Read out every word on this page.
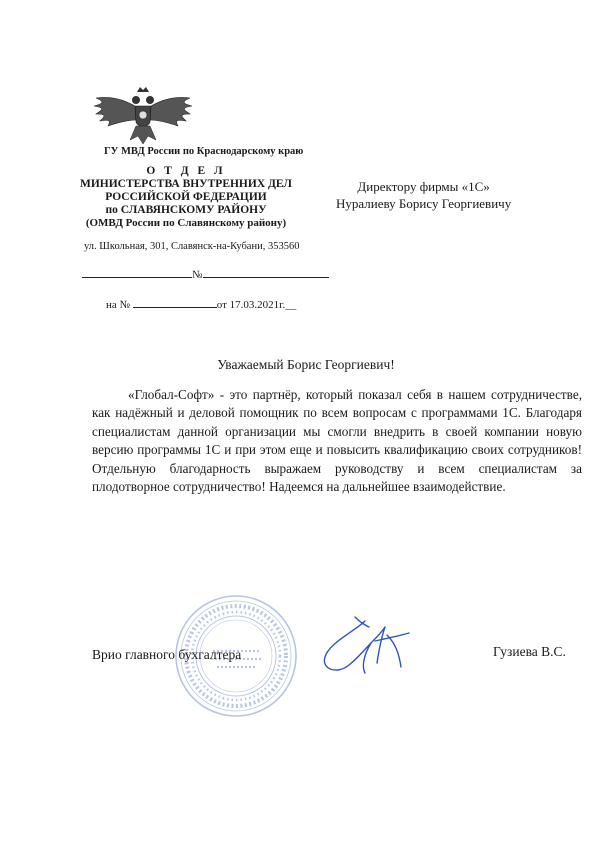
ГУ МВД России по Краснодарскому краю
О Т Д Е Л
МИНИСТЕРСТВА ВНУТРЕННИХ ДЕЛ
РОССИЙСКОЙ ФЕДЕРАЦИИ
по СЛАВЯНСКОМУ РАЙОНУ
(ОМВД России по Славянскому району)
ул. Школьная, 301, Славянск-на-Кубани, 353560
№
на №	от 17.03.2021г.__
Директору фирмы «1С»
Нуралиеву Борису Георгиевичу
Уважаемый Борис Георгиевич!
«Глобал-Софт» - это партнёр, который показал себя в нашем сотрудничестве, как надёжный и деловой помощник по всем вопросам с программами 1С. Благодаря специалистам данной организации мы смогли внедрить в своей компании новую версию программы 1С и при этом еще и повысить квалификацию своих сотрудников! Отдельную благодарность выражаем руководству и всем специалистам за плодотворное сотрудничество! Надеемся на дальнейшее взаимодействие.
Врио главного бухгалтера	Гузиева В.С.
